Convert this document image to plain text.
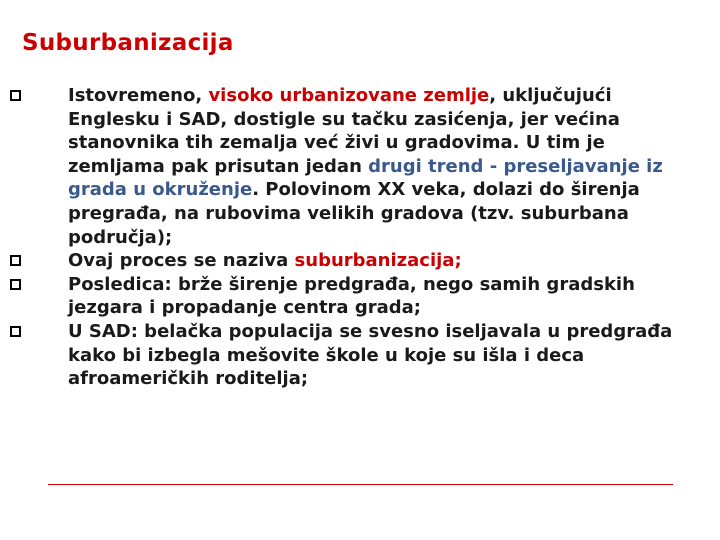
Suburbanizacija
Istovremeno, visoko urbanizovane zemlje, uključujući Englesku i SAD, dostigle su tačku zasićenja, jer većina stanovnika tih zemalja već živi u gradovima. U tim je zemljama pak prisutan jedan drugi trend - preseljavanje iz grada u okruženje. Polovinom XX veka, dolazi do širenja pregrađa, na rubovima velikih gradova (tzv. suburbana područja);
Ovaj proces se naziva suburbanizacija;
Posledica: brže širenje predgrađa, nego samih gradskih jezgara i propadanje centra grada;
U SAD: belačka populacija se svesno iseljavala u predgrađa kako bi izbegla mešovite škole u koje su išla i deca afroameričkih roditelja;
